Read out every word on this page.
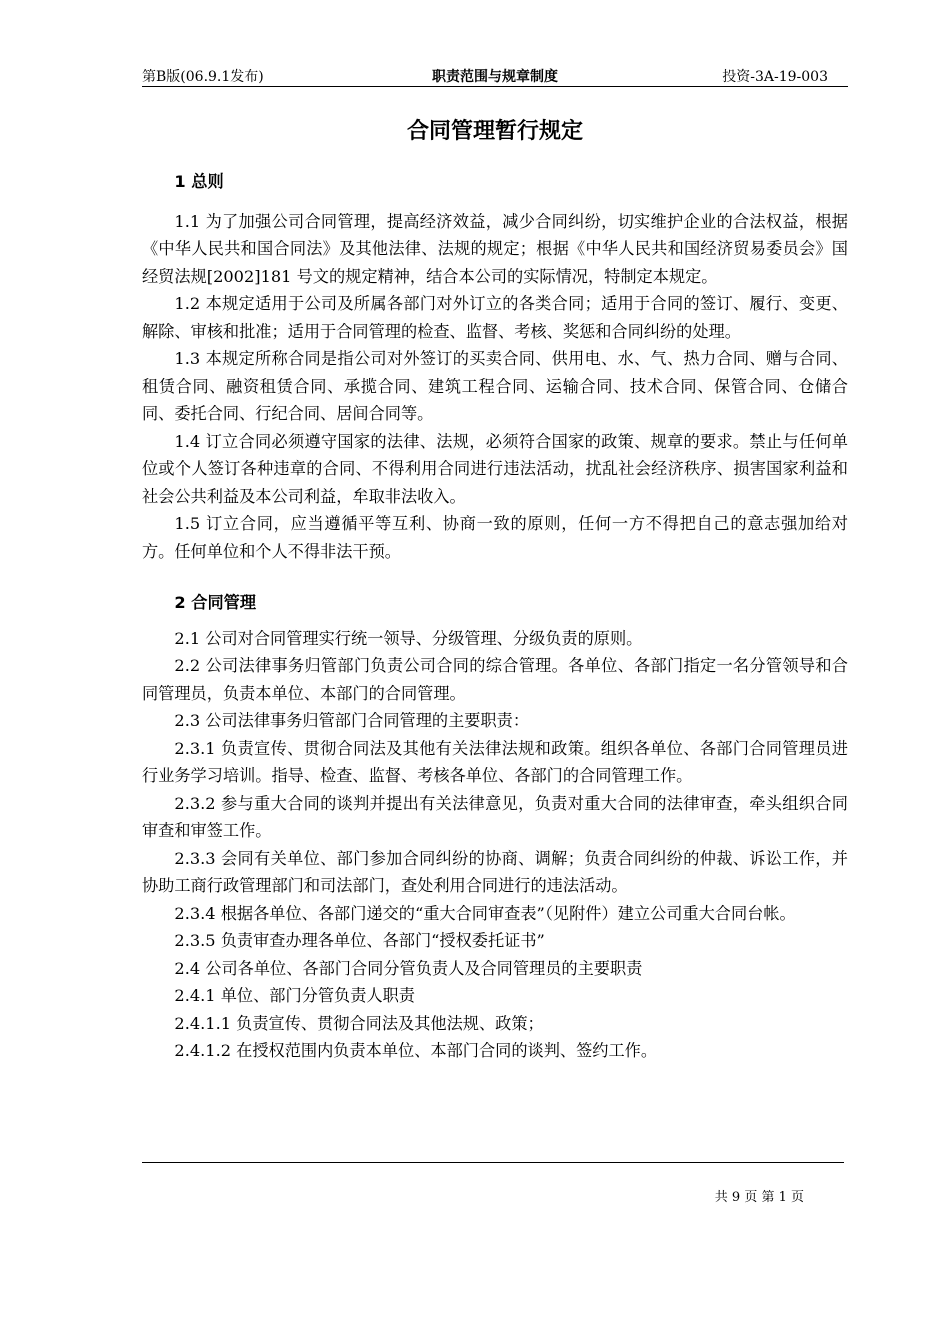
第B版(06.9.1发布)	职责范围与规章制度	投资-3A-19-003
合同管理暂行规定
1 总则

1.1 为了加强公司合同管理，提高经济效益，减少合同纠纷，切实维护企业的合法权益，根据《中华人民共和国合同法》及其他法律、法规的规定；根据《中华人民共和国经济贸易委员会》国经贸法规[2002]181 号文的规定精神，结合本公司的实际情况，特制定本规定。

1.2 本规定适用于公司及所属各部门对外订立的各类合同；适用于合同的签订、履行、变更、解除、审核和批准；适用于合同管理的检查、监督、考核、奖惩和合同纠纷的处理。

1.3 本规定所称合同是指公司对外签订的买卖合同、供用电、水、气、热力合同、赠与合同、租赁合同、融资租赁合同、承揽合同、建筑工程合同、运输合同、技术合同、保管合同、仓储合同、委托合同、行纪合同、居间合同等。

1.4 订立合同必须遵守国家的法律、法规，必须符合国家的政策、规章的要求。禁止与任何单位或个人签订各种违章的合同、不得利用合同进行违法活动，扰乱社会经济秩序、损害国家利益和社会公共利益及本公司利益，牟取非法收入。

1.5 订立合同，应当遵循平等互利、协商一致的原则，任何一方不得把自己的意志强加给对方。任何单位和个人不得非法干预。

2 合同管理

2.1 公司对合同管理实行统一领导、分级管理、分级负责的原则。

2.2 公司法律事务归管部门负责公司合同的综合管理。各单位、各部门指定一名分管领导和合同管理员，负责本单位、本部门的合同管理。

2.3 公司法律事务归管部门合同管理的主要职责：

2.3.1 负责宣传、贯彻合同法及其他有关法律法规和政策。组织各单位、各部门合同管理员进行业务学习培训。指导、检查、监督、考核各单位、各部门的合同管理工作。

2.3.2 参与重大合同的谈判并提出有关法律意见，负责对重大合同的法律审查，牵头组织合同审查和审签工作。

2.3.3 会同有关单位、部门参加合同纠纷的协商、调解；负责合同纠纷的仲裁、诉讼工作，并协助工商行政管理部门和司法部门，查处利用合同进行的违法活动。

2.3.4 根据各单位、各部门递交的“重大合同审查表”（见附件）建立公司重大合同台帐。

2.3.5 负责审查办理各单位、各部门“授权委托证书”

2.4 公司各单位、各部门合同分管负责人及合同管理员的主要职责

2.4.1 单位、部门分管负责人职责

2.4.1.1 负责宣传、贯彻合同法及其他法规、政策；

2.4.1.2 在授权范围内负责本单位、本部门合同的谈判、签约工作。

共 9 页 第 1 页
